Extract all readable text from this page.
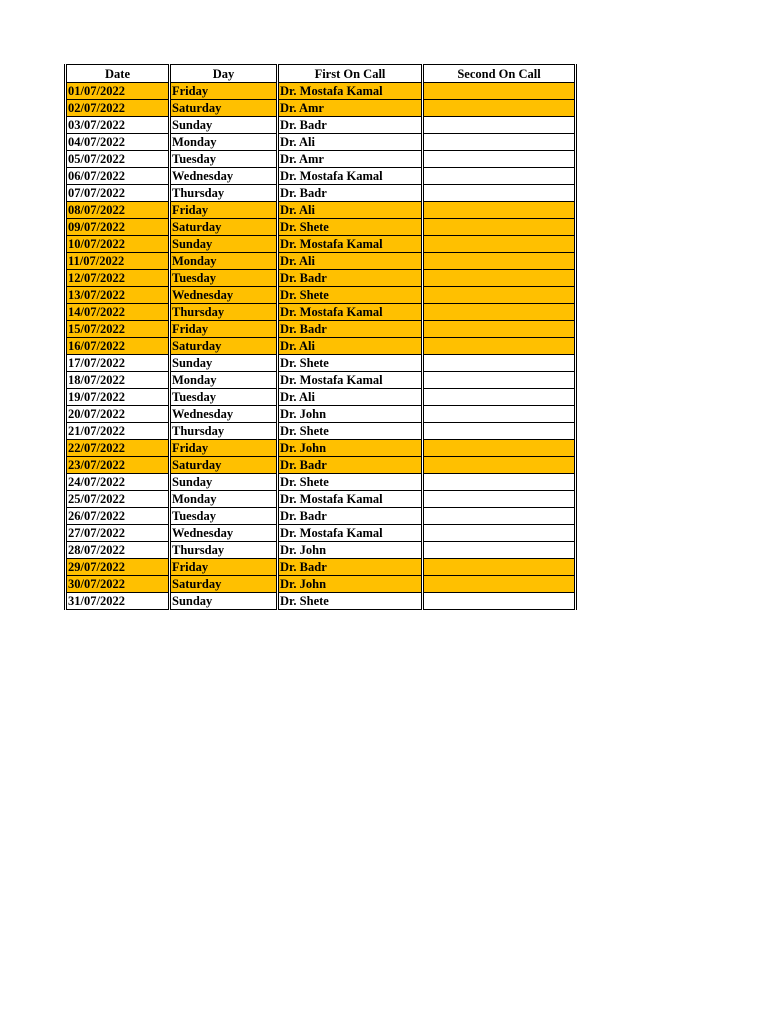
Date	Day	First On Call	Second On Call
01/07/2022	Friday	Dr. Mostafa Kamal	
02/07/2022	Saturday	Dr. Amr	
03/07/2022	Sunday	Dr. Badr	
04/07/2022	Monday	Dr. Ali	
05/07/2022	Tuesday	Dr. Amr	
06/07/2022	Wednesday	Dr. Mostafa Kamal	
07/07/2022	Thursday	Dr. Badr	
08/07/2022	Friday	Dr. Ali	
09/07/2022	Saturday	Dr. Shete	
10/07/2022	Sunday	Dr. Mostafa Kamal	
11/07/2022	Monday	Dr. Ali	
12/07/2022	Tuesday	Dr. Badr	
13/07/2022	Wednesday	Dr. Shete	
14/07/2022	Thursday	Dr. Mostafa Kamal	
15/07/2022	Friday	Dr. Badr	
16/07/2022	Saturday	Dr. Ali	
17/07/2022	Sunday	Dr. Shete	
18/07/2022	Monday	Dr. Mostafa Kamal	
19/07/2022	Tuesday	Dr. Ali	
20/07/2022	Wednesday	Dr. John	
21/07/2022	Thursday	Dr. Shete	
22/07/2022	Friday	Dr. John	
23/07/2022	Saturday	Dr. Badr	
24/07/2022	Sunday	Dr. Shete	
25/07/2022	Monday	Dr. Mostafa Kamal	
26/07/2022	Tuesday	Dr. Badr	
27/07/2022	Wednesday	Dr. Mostafa Kamal	
28/07/2022	Thursday	Dr. John	
29/07/2022	Friday	Dr. Badr	
30/07/2022	Saturday	Dr. John	
31/07/2022	Sunday	Dr. Shete	
